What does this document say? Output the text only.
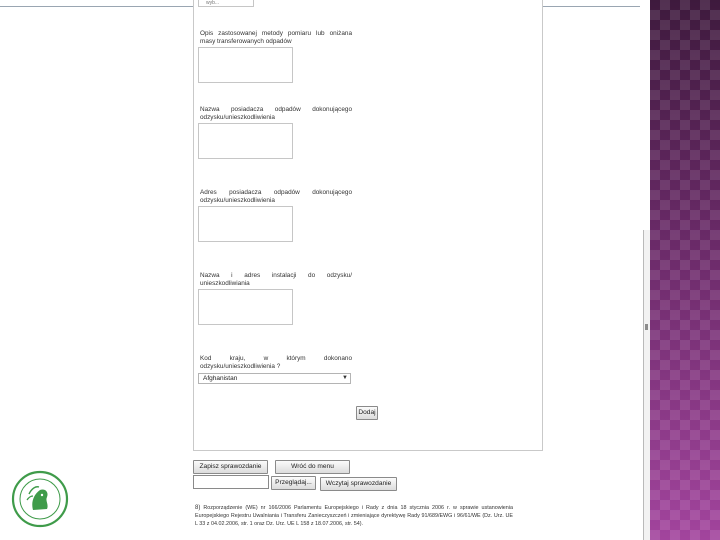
wyb...
Opis zastosowanej metody pomiaru lub oniżana masy transferowanych odpadów
Nazwa posiadacza odpadów dokonującego odzysku/unieszkodliwienia
Adres posiadacza odpadów dokonującego odzysku/unieszkodliwienia
Nazwa i adres instalacji do odzysku/ unieszkodliwiania
Kod kraju, w którym dokonano odzysku/unieszkodliwienia ?
Afghanistan	▼
Dodaj
Zapisz sprawozdanie	Wróć do menu
Przeglądaj...	Wczytaj sprawozdanie
8) Rozporządzenie (WE) nr 166/2006 Parlamentu Europejskiego i Rady z dnia 18 stycznia 2006 r. w sprawie ustanowienia Europejskiego Rejestru Uwalniania i Transferu Zanieczyszczeń i zmieniające dyrektywę Rady 91/689/EWG i 96/61/WE (Dz. Urz. UE L 33 z 04.02.2006, str. 1 oraz Dz. Urz. UE L 158 z 18.07.2006, str. 54).
